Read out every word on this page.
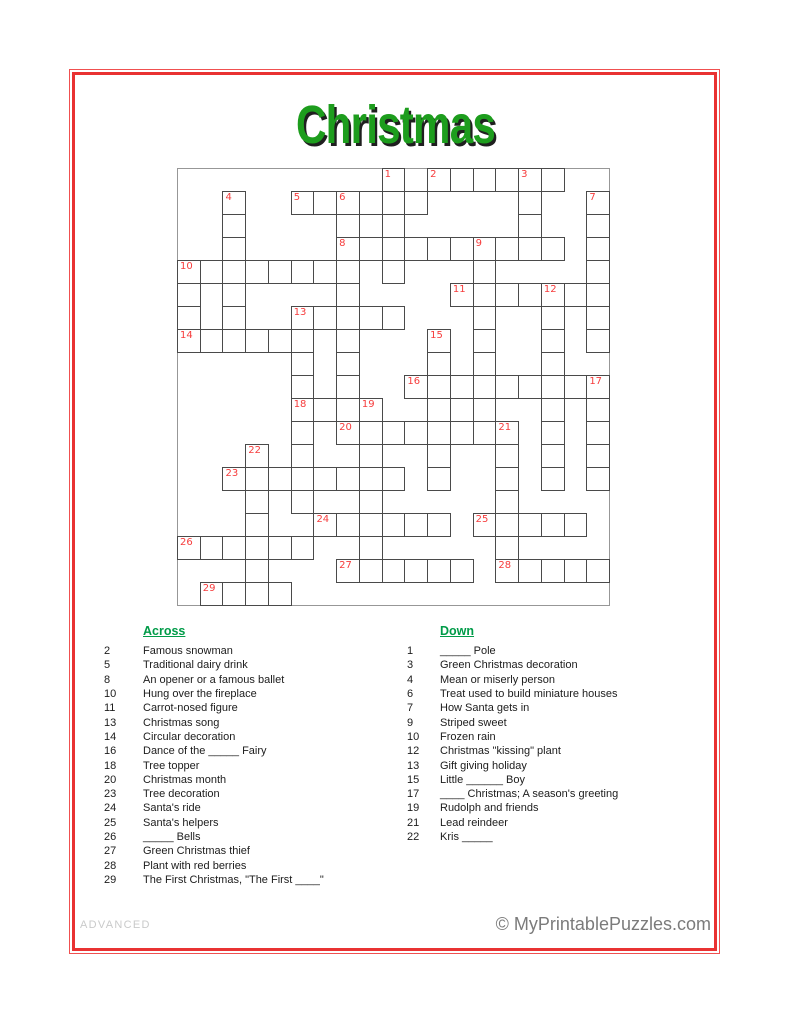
Christmas
2	3
5	6
8	9
10
11	12
13
14
16	17
18	19
20	21
23
24	25
26
27	28
29
1
4	7
15
22
Across
2	Famous snowman
5	Traditional dairy drink
8	An opener or a famous ballet
10	Hung over the fireplace
11	Carrot-nosed figure
13	Christmas song
14	Circular decoration
16	Dance of the _____ Fairy
18	Tree topper
20	Christmas month
23	Tree decoration
24	Santa's ride
25	Santa's helpers
26	_____ Bells
27	Green Christmas thief
28	Plant with red berries
29	The First Christmas, "The First ____"
Down
1	_____ Pole
3	Green Christmas decoration
4	Mean or miserly person
6	Treat used to build miniature houses
7	How Santa gets in
9	Striped sweet
10	Frozen rain
12	Christmas "kissing" plant
13	Gift giving holiday
15	Little ______ Boy
17	____ Christmas; A season's greeting
19	Rudolph and friends
21	Lead reindeer
22	Kris _____
ADVANCED	© MyPrintablePuzzles.com
